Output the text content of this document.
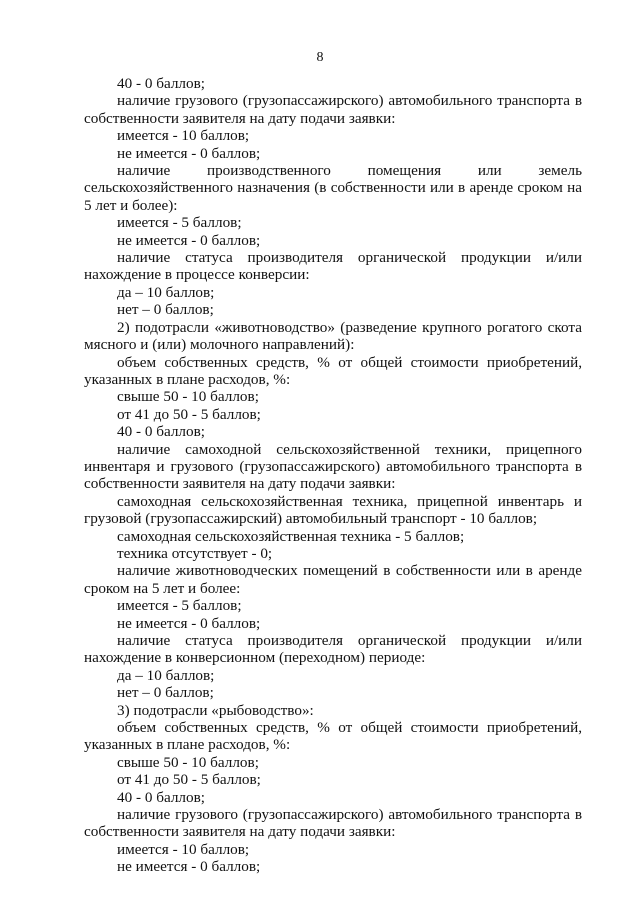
8

40 - 0 баллов;

наличие грузового (грузопассажирского) автомобильного транспорта в собственности заявителя на дату подачи заявки:

имеется - 10 баллов;

не имеется - 0 баллов;

наличие производственного помещения или земель сельскохозяйственного назначения (в собственности или в аренде сроком на 5 лет и более):

имеется - 5 баллов;

не имеется - 0 баллов;

наличие статуса производителя органической продукции и/или нахождение в процессе конверсии:

да – 10 баллов;

нет – 0 баллов;

2) подотрасли «животноводство» (разведение крупного рогатого скота мясного и (или) молочного направлений):

объем собственных средств, % от общей стоимости приобретений, указанных в плане расходов, %:

свыше 50 - 10 баллов;

от 41 до 50 - 5 баллов;

40 - 0 баллов;

наличие самоходной сельскохозяйственной техники, прицепного инвентаря и грузового (грузопассажирского) автомобильного транспорта в собственности заявителя на дату подачи заявки:

самоходная сельскохозяйственная техника, прицепной инвентарь и грузовой (грузопассажирский) автомобильный транспорт - 10 баллов;

самоходная сельскохозяйственная техника - 5 баллов;

техника отсутствует - 0;

наличие животноводческих помещений в собственности или в аренде сроком на 5 лет и более:

имеется - 5 баллов;

не имеется - 0 баллов;

наличие статуса производителя органической продукции и/или нахождение в конверсионном (переходном) периоде:

да – 10 баллов;

нет – 0 баллов;

3) подотрасли «рыбоводство»:

объем собственных средств, % от общей стоимости приобретений, указанных в плане расходов, %:

свыше 50 - 10 баллов;

от 41 до 50 - 5 баллов;

40 - 0 баллов;

наличие грузового (грузопассажирского) автомобильного транспорта в собственности заявителя на дату подачи заявки:

имеется - 10 баллов;

не имеется - 0 баллов;
